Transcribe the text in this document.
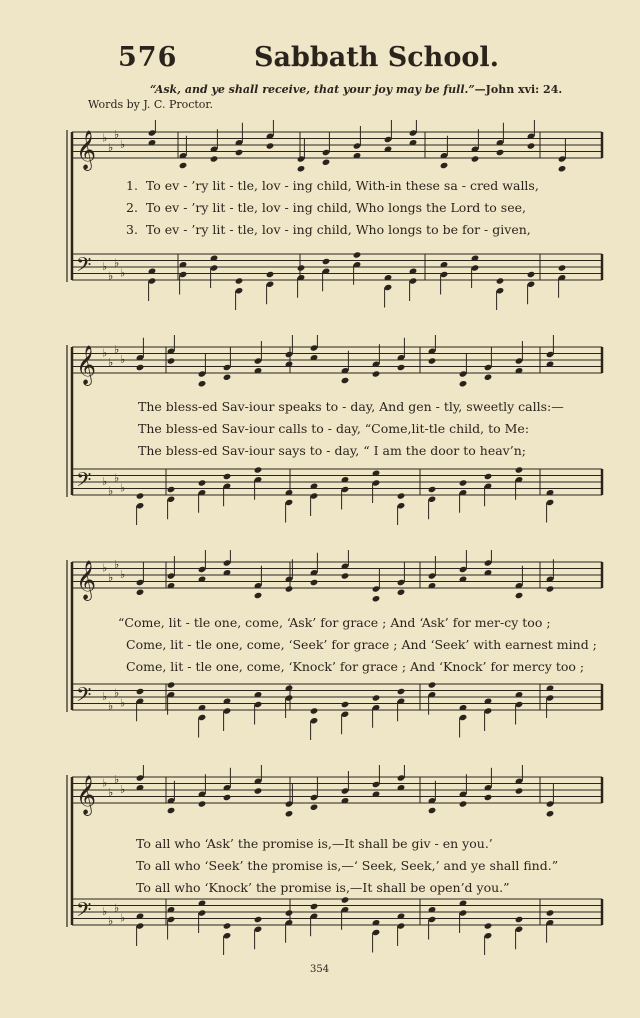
576	Sabbath School.
“Ask, and ye shall receive, that your joy may be full.”—John xvi: 24.
Words by J. C. Proctor.
𝄞 ♭
♭
♭
♭
𝄢 ♭
♭
♭
♭
𝄞 ♭
♭
♭
♭
𝄢 ♭
♭
♭
♭
𝄞 ♭
♭
♭
♭
𝄢 ♭
♭
♭
♭
𝄞 ♭
♭
♭
♭
𝄢 ♭
♭
♭
♭
1. To ev - ’ry lit - tle, lov - ing child, With-in these sa - cred walls,
2. To ev - ’ry lit - tle, lov - ing child, Who longs the Lord to see,
3. To ev - ’ry lit - tle, lov - ing child, Who longs to be for - given,
The bless-ed Sav-iour speaks to - day, And gen - tly, sweetly calls:—
The bless-ed Sav-iour calls to - day, “Come,lit-tle child, to Me:
The bless-ed Sav-iour says to - day, “ I am the door to heav’n;
“Come, lit - tle one, come, ‘Ask’ for grace ; And ‘Ask’ for mer-cy too ;
Come, lit - tle one, come, ‘Seek’ for grace ; And ‘Seek’ with earnest mind ;
Come, lit - tle one, come, ‘Knock’ for grace ; And ‘Knock’ for mercy too ;
To all who ‘Ask’ the promise is,—It shall be giv - en you.’
To all who ‘Seek’ the promise is,—‘ Seek, Seek,’ and ye shall find.”
To all who ‘Knock’ the promise is,—It shall be open’d you.”
354
